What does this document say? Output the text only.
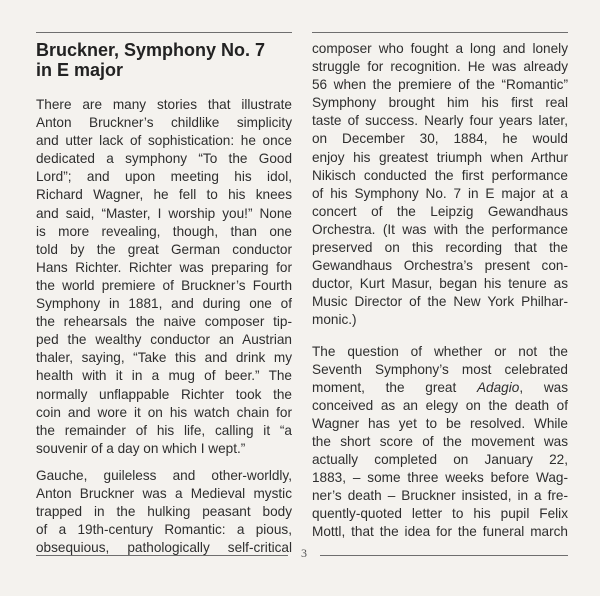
Bruckner, Symphony No. 7
in E major

There are many stories that illustrate
Anton Bruckner’s childlike simplicity
and utter lack of sophistication: he once
dedicated a symphony “To the Good
Lord”; and upon meeting his idol,
Richard Wagner, he fell to his knees
and said, “Master, I worship you!” None
is more revealing, though, than one
told by the great German conductor
Hans Richter. Richter was preparing for
the world premiere of Bruckner’s Fourth
Symphony in 1881, and during one of
the rehearsals the naive composer tip-
ped the wealthy conductor an Austrian
thaler, saying, “Take this and drink my
health with it in a mug of beer.” The
normally unflappable Richter took the
coin and wore it on his watch chain for
the remainder of his life, calling it “a
souvenir of a day on which I wept.”

Gauche, guileless and other-worldly,
Anton Bruckner was a Medieval mystic
trapped in the hulking peasant body
of a 19th-century Romantic: a pious,
obsequious, pathologically self-critical

composer who fought a long and lonely
struggle for recognition. He was already
56 when the premiere of the “Romantic”
Symphony brought him his first real
taste of success. Nearly four years later,
on December 30, 1884, he would
enjoy his greatest triumph when Arthur
Nikisch conducted the first performance
of his Symphony No. 7 in E major at a
concert of the Leipzig Gewandhaus
Orchestra. (It was with the performance
preserved on this recording that the
Gewandhaus Orchestra’s present con-
ductor, Kurt Masur, began his tenure as
Music Director of the New York Philhar-
monic.)

The question of whether or not the
Seventh Symphony’s most celebrated
moment, the great Adagio, was
conceived as an elegy on the death of
Wagner has yet to be resolved. While
the short score of the movement was
actually completed on January 22,
1883, – some three weeks before Wag-
ner’s death – Bruckner insisted, in a fre-
quently-quoted letter to his pupil Felix
Mottl, that the idea for the funeral march

3
